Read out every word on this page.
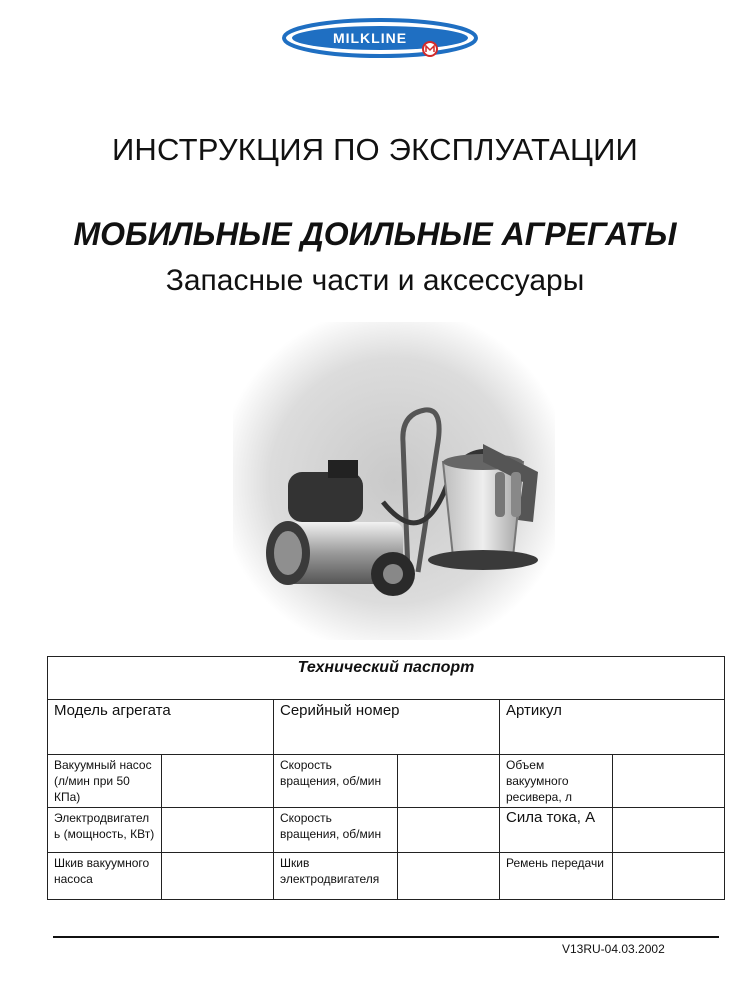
MILKLINE
ИНСТРУКЦИЯ ПО ЭКСПЛУАТАЦИИ
МОБИЛЬНЫЕ ДОИЛЬНЫЕ АГРЕГАТЫ
Запасные части и аксессуары
Технический паспорт					
Модель агрегата		Серийный номер		Артикул	
Вакуумный насос (л/мин при 50 КПа)		Скорость вращения, об/мин		Объем вакуумного ресивера, л	
Электродвигател ь (мощность, КВт)		Скорость вращения, об/мин		Сила тока, А	
Шкив вакуумного насоса		Шкив электродвигателя		Ремень передачи	
V13RU-04.03.2002
